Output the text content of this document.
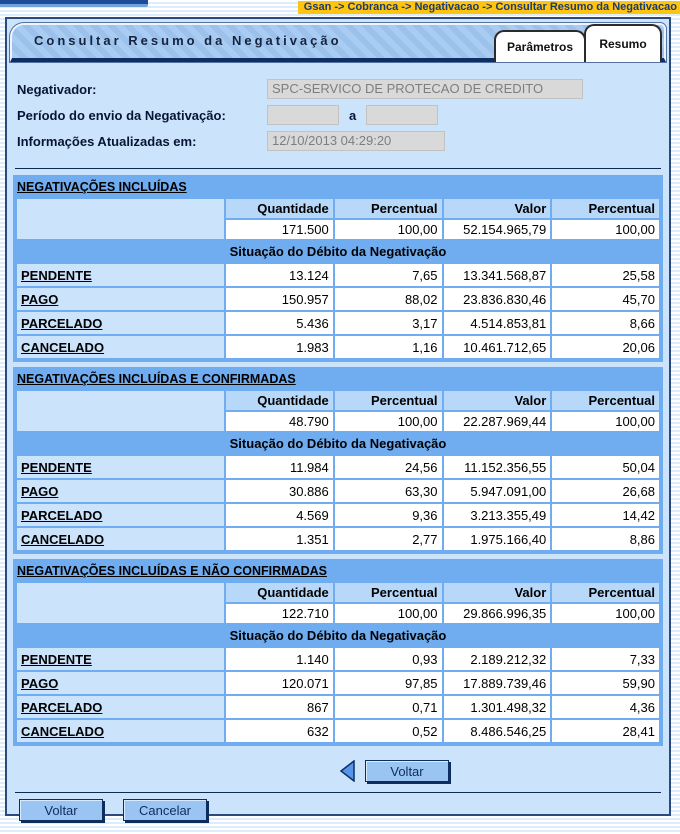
Gsan -> Cobranca -> Negativacao -> Consultar Resumo da Negativacao
Consultar Resumo da Negativação	Parâmetros Resumo
Negativador:	SPC-SERVICO DE PROTECAO DE CREDITO
Período do envio da Negativação:	a
Informações Atualizadas em:	12/10/2013 04:29:20
NEGATIVAÇÕES INCLUÍDAS
	Quantidade	Percentual	Valor	Percentual
	171.500	100,00	52.154.965,79	100,00
Situação do Débito da Negativação				
PENDENTE	13.124	7,65	13.341.568,87	25,58
PAGO	150.957	88,02	23.836.830,46	45,70
PARCELADO	5.436	3,17	4.514.853,81	8,66
CANCELADO	1.983	1,16	10.461.712,65	20,06
NEGATIVAÇÕES INCLUÍDAS E CONFIRMADAS
	Quantidade	Percentual	Valor	Percentual
	48.790	100,00	22.287.969,44	100,00
Situação do Débito da Negativação				
PENDENTE	11.984	24,56	11.152.356,55	50,04
PAGO	30.886	63,30	5.947.091,00	26,68
PARCELADO	4.569	9,36	3.213.355,49	14,42
CANCELADO	1.351	2,77	1.975.166,40	8,86
NEGATIVAÇÕES INCLUÍDAS E NÃO CONFIRMADAS
	Quantidade	Percentual	Valor	Percentual
	122.710	100,00	29.866.996,35	100,00
Situação do Débito da Negativação				
PENDENTE	1.140	0,93	2.189.212,32	7,33
PAGO	120.071	97,85	17.889.739,46	59,90
PARCELADO	867	0,71	1.301.498,32	4,36
CANCELADO	632	0,52	8.486.546,25	28,41
Voltar
Voltar	Cancelar
